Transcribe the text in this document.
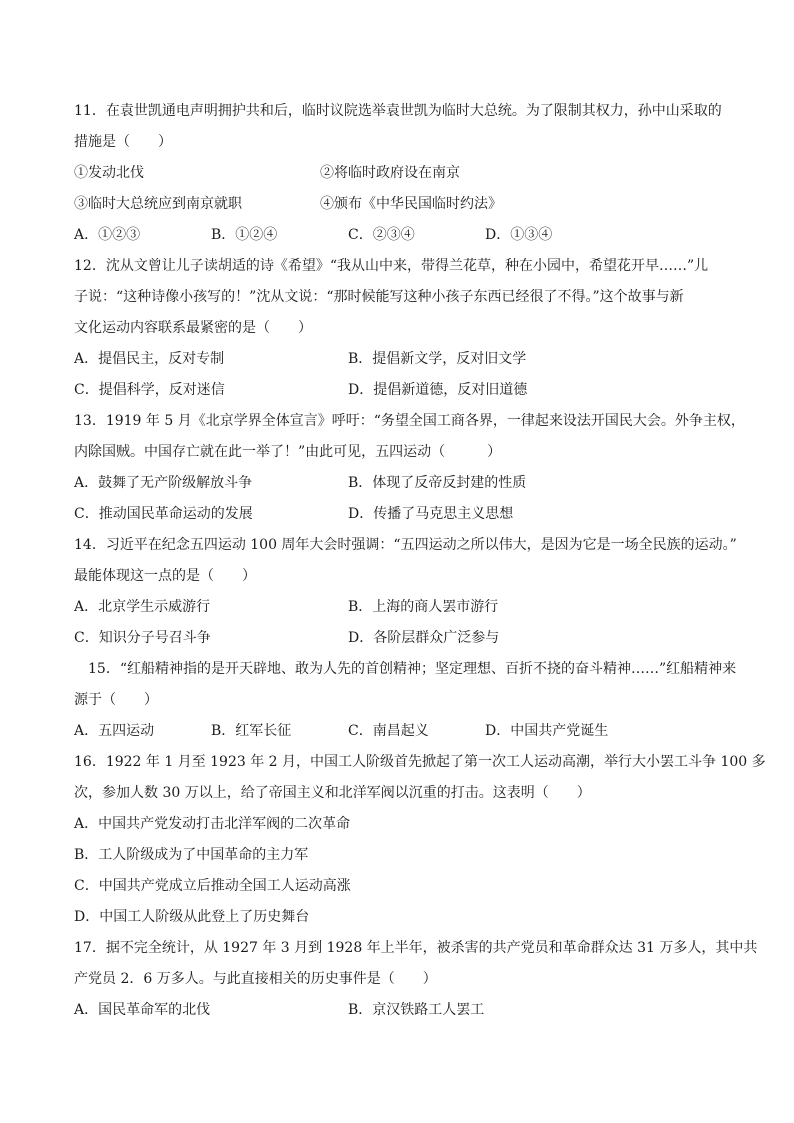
11．在袁世凯通电声明拥护共和后，临时议院选举袁世凯为临时大总统。为了限制其权力，孙中山采取的
措施是（　　）
①发动北伐	②将临时政府设在南京
③临时大总统应到南京就职	④颁布《中华民国临时约法》
A．①②③	B．①②④	C．②③④	D．①③④
12．沈从文曾让儿子读胡适的诗《希望》“我从山中来，带得兰花草，种在小园中，希望花开早……”儿
子说：“这种诗像小孩写的！”沈从文说：“那时候能写这种小孩子东西已经很了不得。”这个故事与新
文化运动内容联系最紧密的是（　　）
A．提倡民主，反对专制	B．提倡新文学，反对旧文学
C．提倡科学，反对迷信	D．提倡新道德，反对旧道德
13．1919 年 5 月《北京学界全体宣言》呼吁：“务望全国工商各界，一律起来设法开国民大会。外争主权，
内除国贼。中国存亡就在此一举了！”由此可见，五四运动（　　　）
A．鼓舞了无产阶级解放斗争	B．体现了反帝反封建的性质
C．推动国民革命运动的发展	D．传播了马克思主义思想
14．习近平在纪念五四运动 100 周年大会时强调：“五四运动之所以伟大，是因为它是一场全民族的运动。”
最能体现这一点的是（　　）
A．北京学生示威游行	B．上海的商人罢市游行
C．知识分子号召斗争	D．各阶层群众广泛参与
15．“红船精神指的是开天辟地、敢为人先的首创精神；坚定理想、百折不挠的奋斗精神……”红船精神来
源于（　　）
A．五四运动	B．红军长征	C．南昌起义	D．中国共产党诞生
16．1922 年 1 月至 1923 年 2 月，中国工人阶级首先掀起了第一次工人运动高潮，举行大小罢工斗争 100 多
次，参加人数 30 万以上，给了帝国主义和北洋军阀以沉重的打击。这表明（　　）
A．中国共产党发动打击北洋军阀的二次革命
B．工人阶级成为了中国革命的主力军
C．中国共产党成立后推动全国工人运动高涨
D．中国工人阶级从此登上了历史舞台
17．据不完全统计，从 1927 年 3 月到 1928 年上半年，被杀害的共产党员和革命群众达 31 万多人，其中共
产党员 2．6 万多人。与此直接相关的历史事件是（　　）
A．国民革命军的北伐	B．京汉铁路工人罢工
